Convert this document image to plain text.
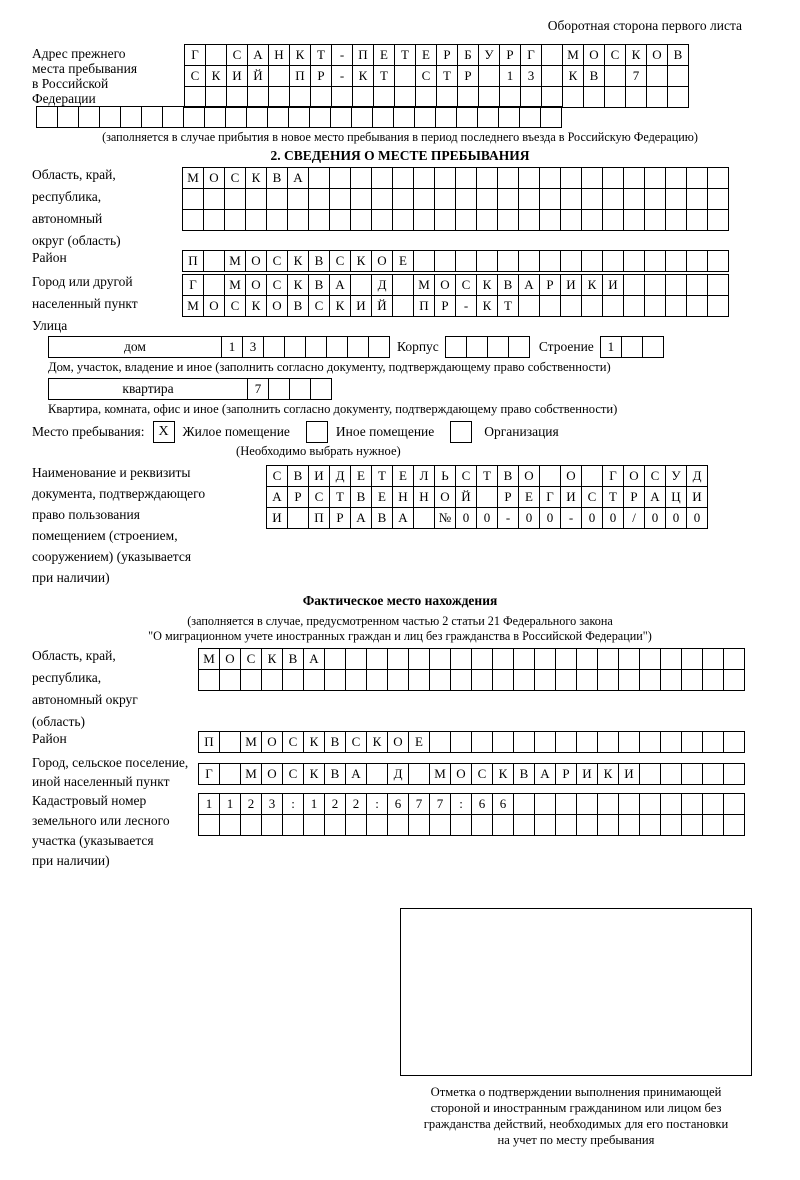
Оборотная сторона первого листа
Адрес прежнего
места пребывания
в Российской
Федерации
Г	С А Н К Т	-	П Е	Т	Е	Р	Б У Р	Г	М О С К О В
С К И Й	П Р	-	К Т	С Т	Р	1	3	К В	7
(заполняется в случае прибытия в новое место пребывания в период последнего въезда в Российскую Федерацию)
2. СВЕДЕНИЯ О МЕСТЕ ПРЕБЫВАНИЯ
Область, край,
республика,
автономный
округ (область)
М О С К В А
Район	П	М О С К В С К О Е
Город или другой
населенный пункт
Улица
Г	М О С К В А	Д	М О С К В А Р И К И
М О С К О В С К И Й	П Р	-	К Т
дом	1	3	Корпус	Строение	1
Дом, участок, владение и иное (заполнить согласно документу, подтверждающему право собственности)
квартира	7
Квартира, комната, офис и иное (заполнить согласно документу, подтверждающему право собственности)
Место пребывания: X	Жилое помещение	Иное помещение	Организация
(Необходимо выбрать нужное)
Наименование и реквизиты
документа, подтверждающего
право пользования
помещением (строением,
сооружением) (указывается
при наличии)
С В И Д Е	Т	Е Л Ь С Т В О	О	Г О С У Д
А Р	С Т В Е Н Н О Й	Р	Е	Г И С Т	Р А Ц И
И	П Р А В А	№ 0	0	-	0	0	-	0	0	/	0	0	0
Фактическое место нахождения
(заполняется в случае, предусмотренном частью 2 статьи 21 Федерального закона
"О миграционном учете иностранных граждан и лиц без гражданства в Российской Федерации")
Область, край,
республика,
автономный округ
(область)
М О С К В А
Район	П	М О С К В С К О Е
Город, сельское поселение,
иной населенный пункт
Г	М О С К В А	Д	М О С К В А Р И К И
Кадастровый номер
земельного или лесного
участка (указывается
при наличии)
1	1	2	3	:	1	2	2	:	6	7	7	:	6	6
Отметка о подтверждении выполнения принимающей
стороной и иностранным гражданином или лицом без
гражданства действий, необходимых для его постановки
на учет по месту пребывания
